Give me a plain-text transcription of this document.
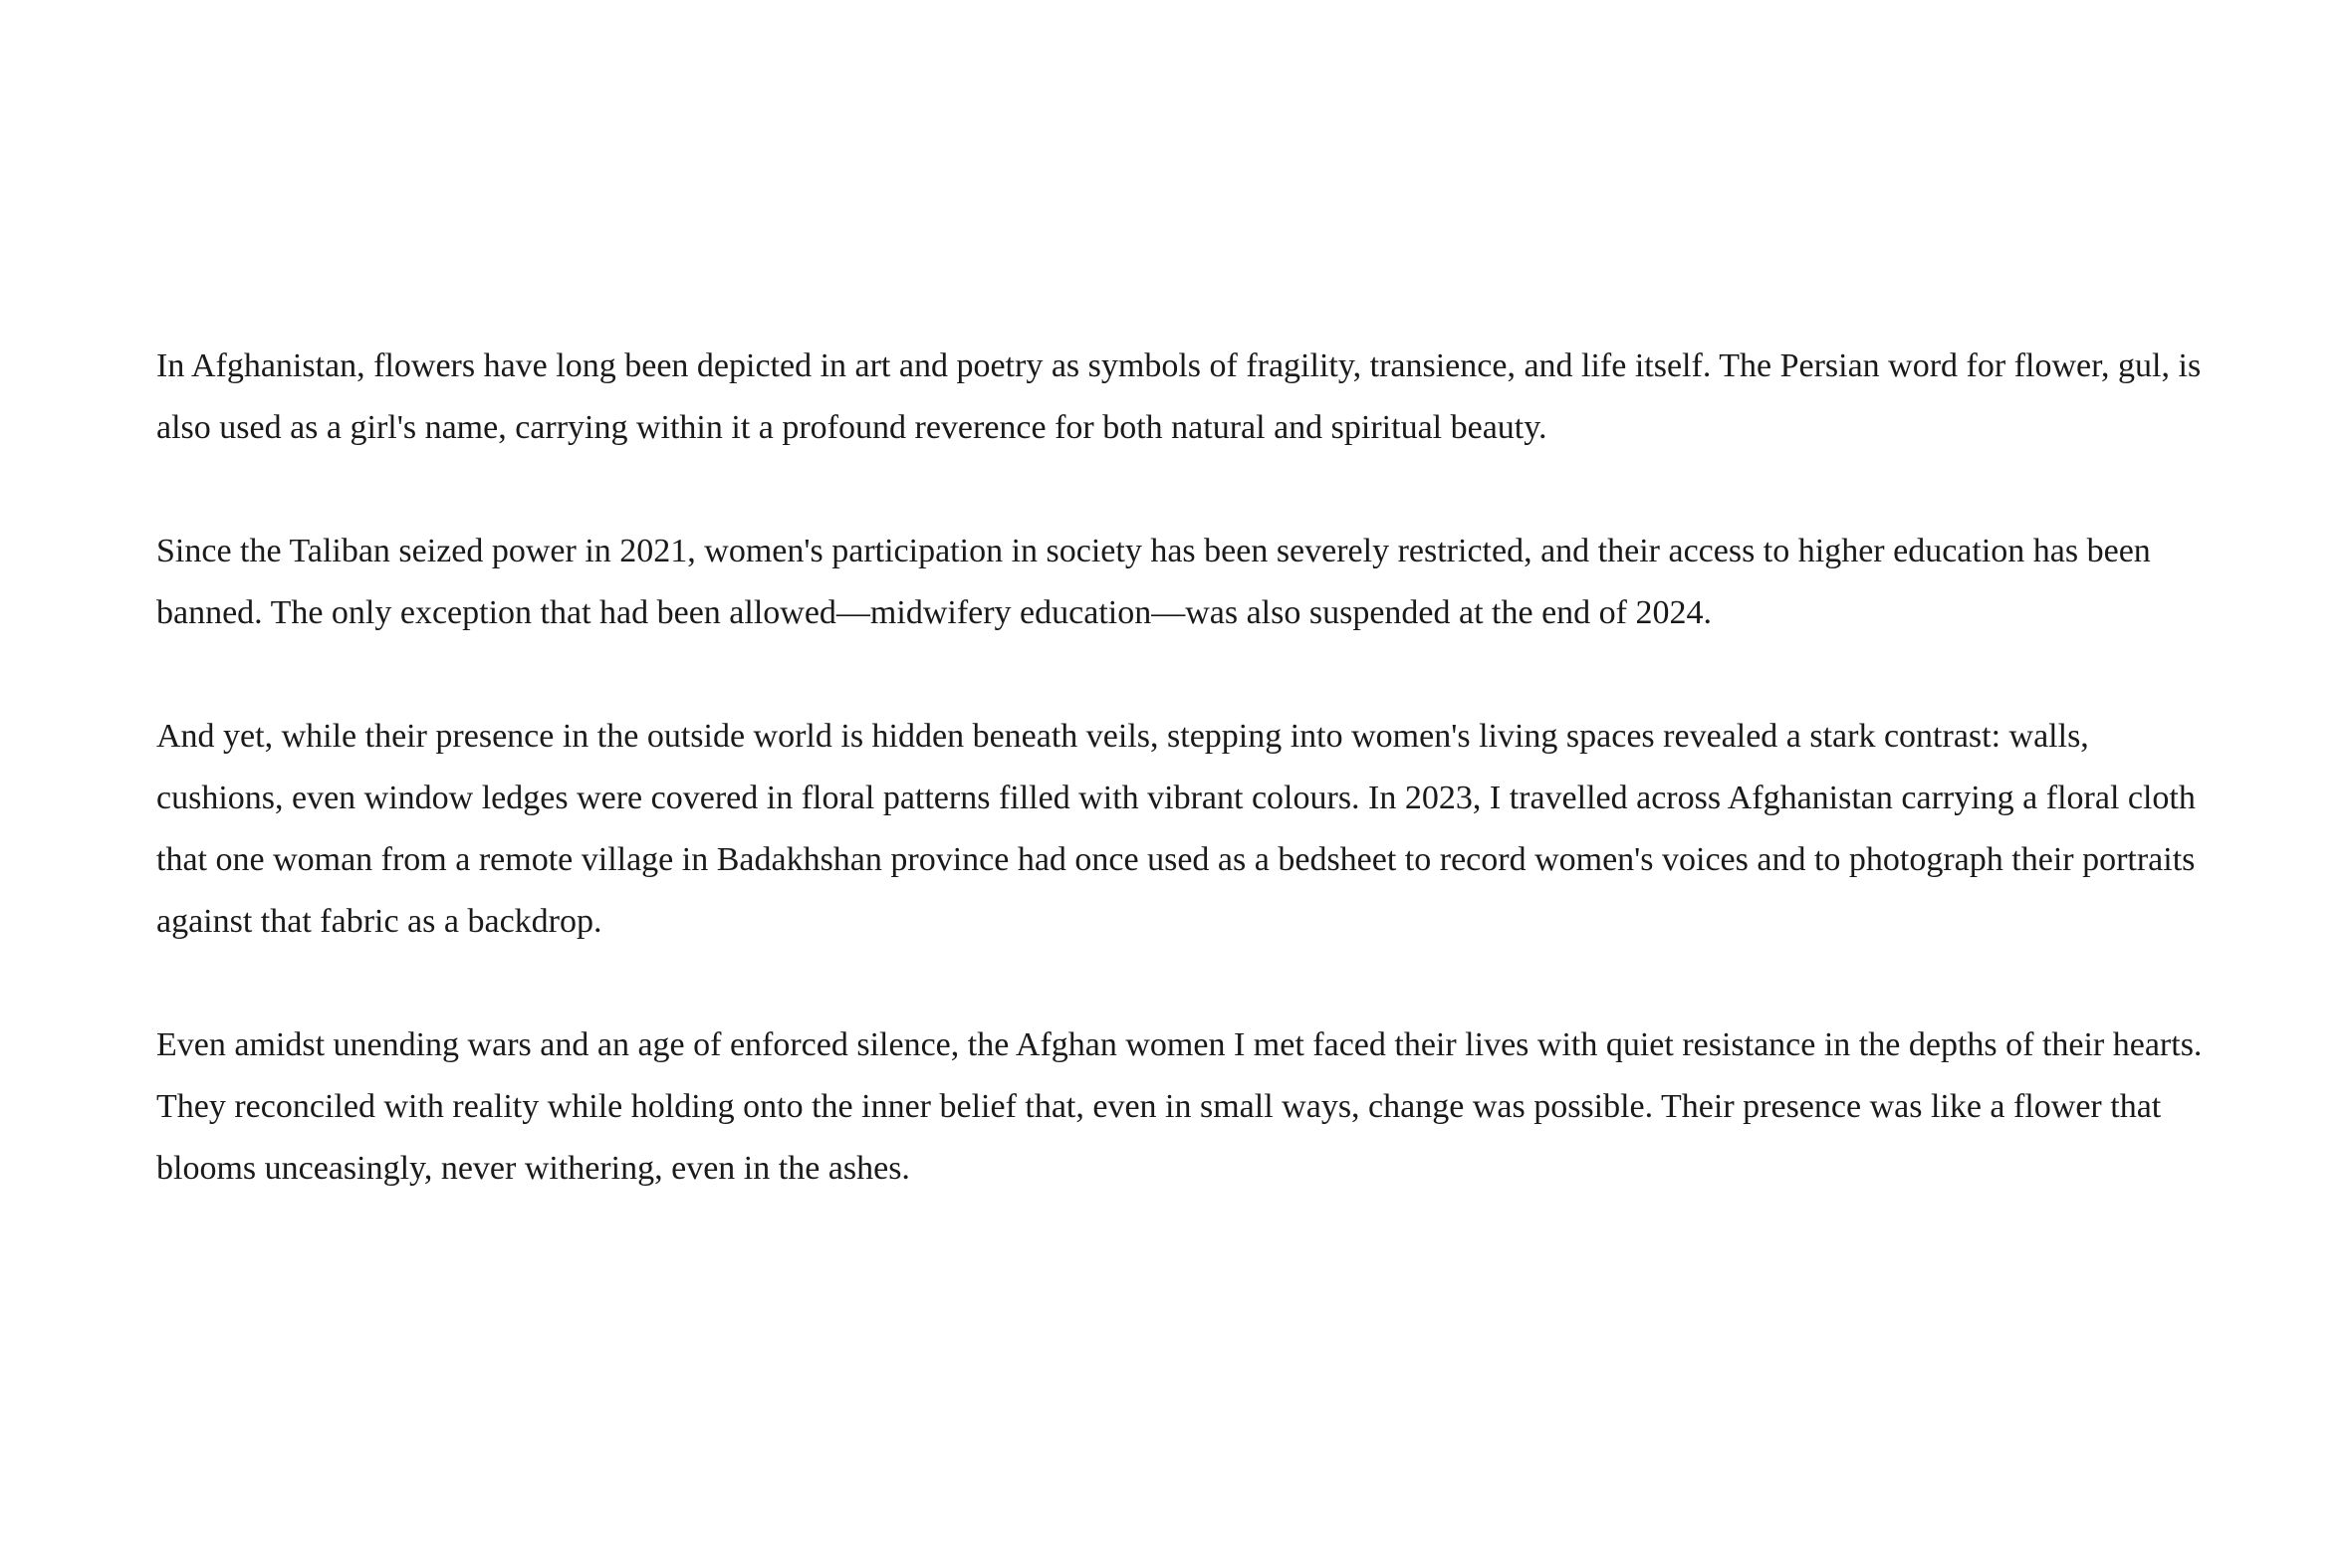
In Afghanistan, flowers have long been depicted in art and poetry as symbols of fragility, transience, and life itself. The Persian word for flower, gul, is also used as a girl's name, carrying within it a profound reverence for both natural and spiritual beauty.

Since the Taliban seized power in 2021, women's participation in society has been severely restricted, and their access to higher education has been banned. The only exception that had been allowed—midwifery education—was also suspended at the end of 2024.

And yet, while their presence in the outside world is hidden beneath veils, stepping into women's living spaces revealed a stark contrast: walls, cushions, even window ledges were covered in floral patterns filled with vibrant colours. In 2023, I travelled across Afghanistan carrying a floral cloth that one woman from a remote village in Badakhshan province had once used as a bedsheet to record women's voices and to photograph their portraits against that fabric as a backdrop.

Even amidst unending wars and an age of enforced silence, the Afghan women I met faced their lives with quiet resistance in the depths of their hearts. They reconciled with reality while holding onto the inner belief that, even in small ways, change was possible. Their presence was like a flower that blooms unceasingly, never withering, even in the ashes.
